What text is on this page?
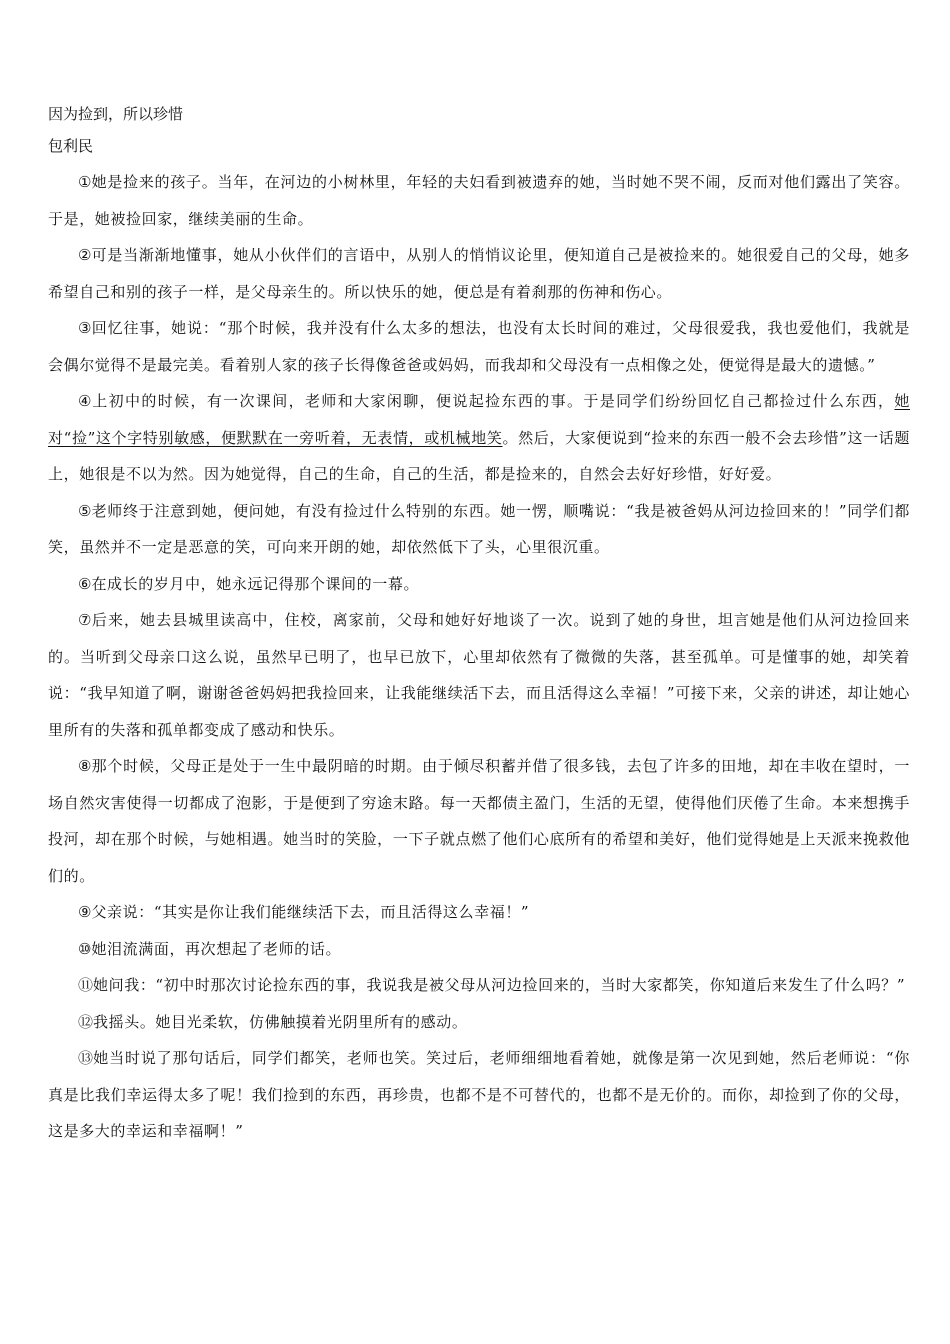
因为捡到，所以珍惜

包利民

①她是捡来的孩子。当年，在河边的小树林里，年轻的夫妇看到被遗弃的她，当时她不哭不闹，反而对他们露出了笑容。于是，她被捡回家，继续美丽的生命。

②可是当渐渐地懂事，她从小伙伴们的言语中，从别人的悄悄议论里，便知道自己是被捡来的。她很爱自己的父母，她多希望自己和别的孩子一样，是父母亲生的。所以快乐的她，便总是有着刹那的伤神和伤心。

③回忆往事，她说：“那个时候，我并没有什么太多的想法，也没有太长时间的难过，父母很爱我，我也爱他们，我就是会偶尔觉得不是最完美。看着别人家的孩子长得像爸爸或妈妈，而我却和父母没有一点相像之处，便觉得是最大的遗憾。”

④上初中的时候，有一次课间，老师和大家闲聊，便说起捡东西的事。于是同学们纷纷回忆自己都捡过什么东西，她对“捡”这个字特别敏感，便默默在一旁听着，无表情，或机械地笑。然后，大家便说到“捡来的东西一般不会去珍惜”这一话题上，她很是不以为然。因为她觉得，自己的生命，自己的生活，都是捡来的，自然会去好好珍惜，好好爱。

⑤老师终于注意到她，便问她，有没有捡过什么特别的东西。她一愣，顺嘴说：“我是被爸妈从河边捡回来的！”同学们都笑，虽然并不一定是恶意的笑，可向来开朗的她，却依然低下了头，心里很沉重。

⑥在成长的岁月中，她永远记得那个课间的一幕。

⑦后来，她去县城里读高中，住校，离家前，父母和她好好地谈了一次。说到了她的身世，坦言她是他们从河边捡回来的。当听到父母亲口这么说，虽然早已明了，也早已放下，心里却依然有了微微的失落，甚至孤单。可是懂事的她，却笑着说：“我早知道了啊，谢谢爸爸妈妈把我捡回来，让我能继续活下去，而且活得这么幸福！”可接下来，父亲的讲述，却让她心里所有的失落和孤单都变成了感动和快乐。

⑧那个时候，父母正是处于一生中最阴暗的时期。由于倾尽积蓄并借了很多钱，去包了许多的田地，却在丰收在望时，一场自然灾害使得一切都成了泡影，于是便到了穷途末路。每一天都债主盈门，生活的无望，使得他们厌倦了生命。本来想携手投河，却在那个时候，与她相遇。她当时的笑脸，一下子就点燃了他们心底所有的希望和美好，他们觉得她是上天派来挽救他们的。

⑨父亲说：“其实是你让我们能继续活下去，而且活得这么幸福！”

⑩她泪流满面，再次想起了老师的话。

⑪她问我：“初中时那次讨论捡东西的事，我说我是被父母从河边捡回来的，当时大家都笑，你知道后来发生了什么吗？”

⑫我摇头。她目光柔软，仿佛触摸着光阴里所有的感动。

⑬她当时说了那句话后，同学们都笑，老师也笑。笑过后，老师细细地看着她，就像是第一次见到她，然后老师说：“你真是比我们幸运得太多了呢！我们捡到的东西，再珍贵，也都不是不可替代的，也都不是无价的。而你，却捡到了你的父母，这是多大的幸运和幸福啊！”
